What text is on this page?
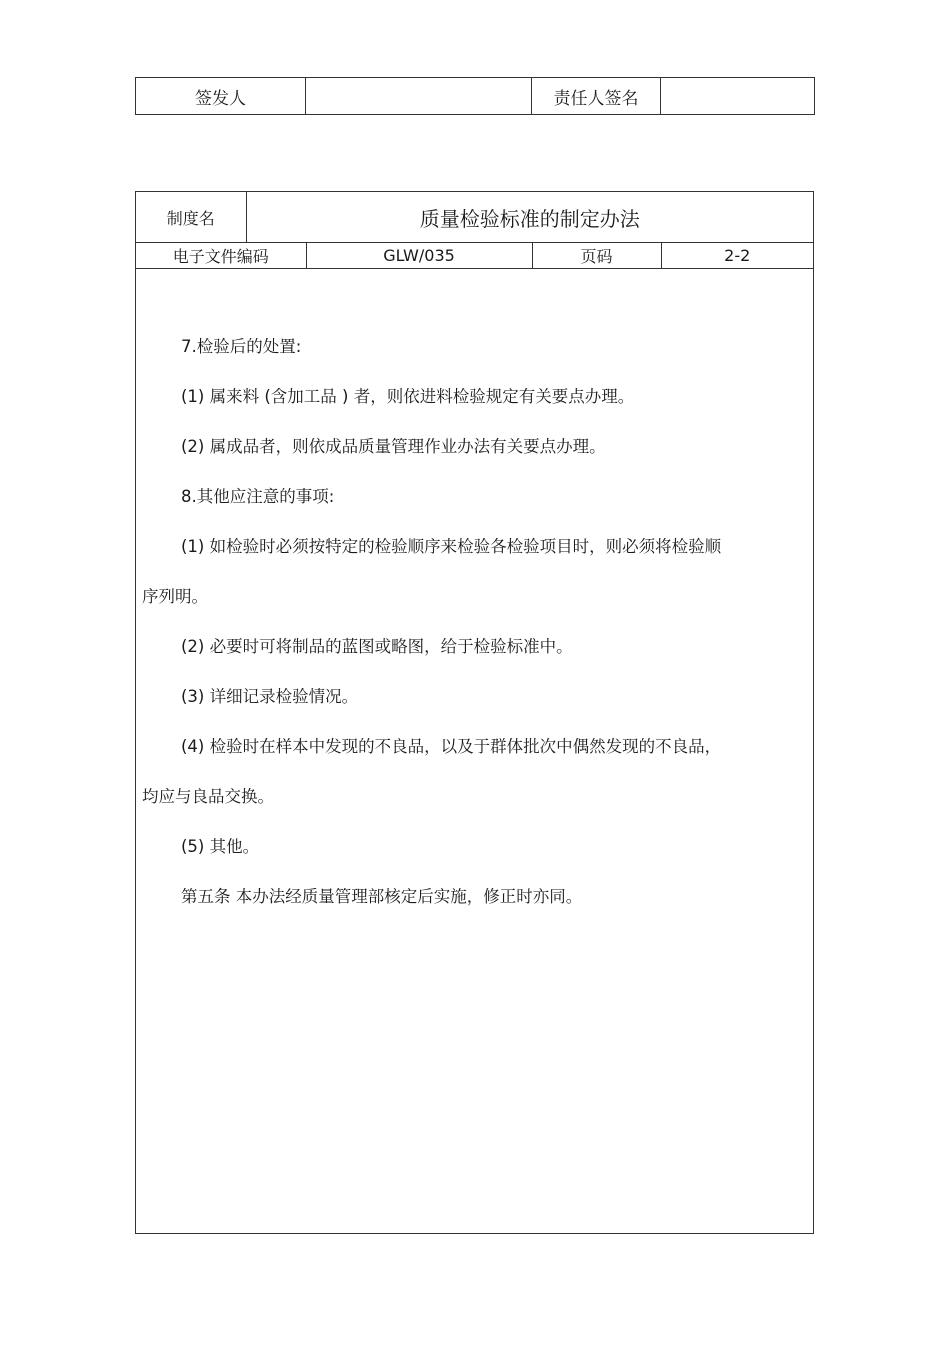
签发人		责任人签名	
制度名	质量检验标准的制定办法			
电子文件编码		GLW∕035	页码	2-2

7.检验后的处置:

(1) 属来料 (含加工品 ) 者，则依进料检验规定有关要点办理。

(2) 属成品者，则依成品质量管理作业办法有关要点办理。

8.其他应注意的事项:

(1) 如检验时必须按特定的检验顺序来检验各检验项目时，则必须将检验顺

序列明。

(2) 必要时可将制品的蓝图或略图，给于检验标准中。

(3) 详细记录检验情况。

(4) 检验时在样本中发现的不良品，以及于群体批次中偶然发现的不良品，

均应与良品交换。

(5) 其他。

第五条 本办法经质量管理部核定后实施，修正时亦同。
